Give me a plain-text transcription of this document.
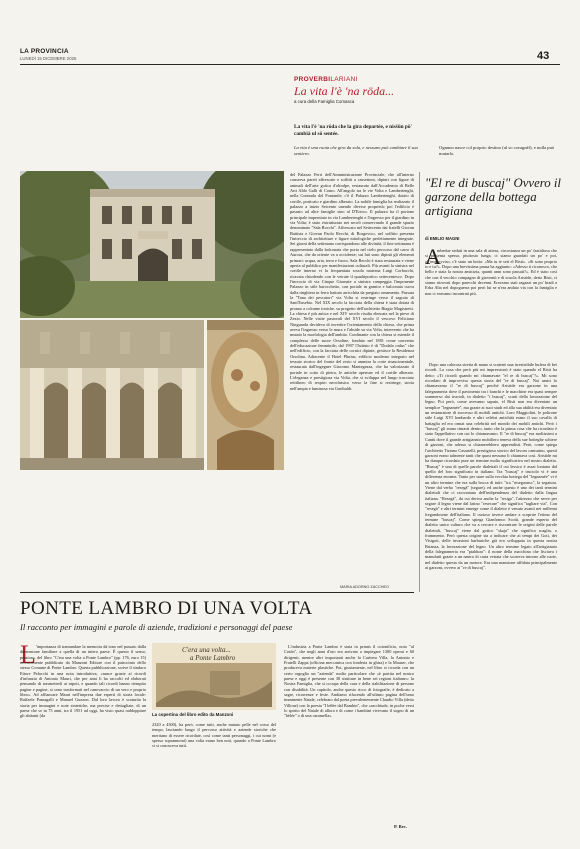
LA PROVINCIA
LUNEDÌ 15 DICEMBRE 2025	43
PROVERBILARIANI
La vita l'è 'na röda...
a cura della Famiglia Comasca
La vita l'è 'na röda che la gira departée, e nisšün pö' cambià ul sö sentée.
La vita è una ruota che gira da sola, e nessuno può cambiare il suo sentiero.
Ognuno nasce col proprio destino (ul so cavagnèl), e nulla può mutarlo.
del Palazzo Ferri dell'Amministrazione Provinciale, che all'interno conserva pareti affrescate e soffitti a cassettoni, dipinti con figure di animali dell'arte gotica d'oltralpe, restaurato dall'Accademia di Belle Arti Aldo Galli di Como. All'angolo tra le vie Volta e Lambertenghi, nella Contrada del Fontanile, c'è il Palazzo Lambertenghi, dotato di cortile, porticato e giardino alberato. La nobile famiglia ha realizzato il palazzo a inizio Seicento unendo diverse proprietà; poi l'edificio è passato ad altre famiglie sino al D'Errico. Il palazzo ha il portone principale imperniato in via Lambertenghi e l'ingresso per il giardino in via Volta; è stato ristrutturato nei secoli conservando il grande spazio denominato "Sala Rocchi". Affrescato nel Settecento dai fratelli Giovan Battista e Giovan Paolo Recchi, di Borgovico, nel soffitto presenta l'intreccio di architetture e figure mitologiche perfettamente integrate. Sei giorni della settimana corrispondono alle divinità, il fine settimana è rappresentato dalla balconata che porta nel cielo percorso dal carro di Aurora, che da oriente va a occidente; sui lati sono dipinti gli elementi primari: acqua, aria, terra e fuoco. Sala Recchi è stata restaurata e viene aperta al pubblico per manifestazioni culturali. Più avanti la sinistra nel cortile interno vi la frequentata scuola materna Luigi Corbacchi, ricavata chiudendo con le vetrate il quadriportico settecentesco. Dopo l'incrocio di via Cinque Giornate a sinistra campeggia l'imponente Palazzo in stile barocchetto, con portale in granito e balconata curva dalla ringhiera in ferro battuto arricchita da pregiato ornamento. Passata la "Tana dei pescatori" via Volta si restringe verso il sagrato di Sant'Eusebio. Nel XIX secolo la facciata della chiesa è stata dotata di pronao a colonne ioniche, su progetto dell'architetto Biagio Magistretti. La chiesa è più antica e nel XIV secolo risulta elencata nel la pieve di Zezio. Nelle visite pastorali del XVI secolo il vescovo Feliciano Ninguarda decideva di invertire l'orientamento della chiesa, che prima aveva l'ingresso verso le mura e l'abside su via Volta, intervento che ha mutato la morfologia dell'ambito. Confinante con la chiesa si estende il complesso delle suore Orsoline, fondato nel 1881 come convento dell'educazione femminile; dal 1997 l'Istituto è di "Dodalo onlus" che nell'edificio, con la facciata delle cornici dipinte, gestisce la Residenza Orsolina. Adiacente il Hotel Plinius, edificio moderno integrato nel tessuto storico del fronte del resto si ammira la corte rinascimentale, restaurata dall'ingegner Giacomo Mantegazza, che ha valorizzato il portale in cotto di pietra, le antiche aperture ed il cortile alberato. L'eleganza e prestigiosa via Volta, che si sviluppa nel lungo tracciato rettilineo di respiro neoclassico verso la fine si restringe, storia nell'ampia e luminosa via Garibaldi.
MARIA ADORNO ZACCHEO
"El re di buscaj" Ovvero il garzone della bottega artigiana
di EMILIO MAGNI
A
mbedue seduti in una sala di attesa, circostanza un po' fastidiosa che si presenta spesso, piuttosto lunga, ci siamo guardati un po' e poi, all'improvviso, c'è stato un botto: «Ma tu te sett el Risti». «Sì sono proprio io e tu?». Dopo una brevissima pausa ha aggiunto: «Adesso ti riconosco, che bello e stata la nostra amicizia, quanti anni sono passati?». Ed è stato così che con il vecchio compagno di gioventù e di scuola Aristide, detto Risti, ci siamo ritrovati dopo parecchi decenni. Eravamo stati ragazzi un po' bradi a Erba Alta nel dopoguerra poi però lui se n'era andato via con la famiglia e non ci eravamo incontrati più.
Dopo una calorosa stretta di mano si scatenò una irresistibile bufera di bei ricordi. La cosa che però più mi impressionò è stato quando el Risti ha detto: «Ti ricordi quando mi chiamavate "el re di buscaj"?». Mi sono ricordato di improvviso questa storia del "re di buscaj". Noi amici lo chiamavamo il "re di buscaj" perché Aristide era garzone in una falegnameria dove il pavimento tra i banchi e le macchine era quasi sempre sommerso dai trucioli, in dialetto "i buscaj", scarti della lavorazione del legno. Poi però, come avevamo saputo, el Risti non era diventato un semplice "legnamée", ma grazie ai suoi studi ed alla sua abilità era diventato un restauratore di successo di mobili antichi. Loro Maggiolini, le poltrone stile Luigi XVI lombardo e altri celebri antichità erano il suo cavallo di battaglia ed era ormai una celebrità nel mondo dei mobili antichi. Però i "buscaj" gli erano rimasti dentro, tanto che la prima cosa che ha ricordato è stato l'appellativo con cui lo chiamavamo. Il "re di buscaj" era moltissimi a Cantù dove il grande artigianato mobiliero teneva della sue botteghe schiere di garzoni, che adesso si chiamerebbero apprendisti. Però, come spiega l'architetto Tiziano Casartelli, prestigioso storico del lavoro canturino, questi garzoni erano talmente tanti che quasi nessuno li chiamava così. Aristide mi ha dunque ricordato pure un termine molto significativo nel nostro dialetto. "Buscaj" è una di quelle parole dialettali il cui lessico è assai lontano dal quello del loro significato in italiano. Tra "buscaj" e truciolo vi è una differenza enorme. Tanto per stare sulla vecchia bottega del "legnamée" vi è un altro termine che era sulla bocca di tutti: "tra "resegaonsc", la segatura. Viene dal verbo "resegà" (segare), ed anche questo è uno dei tanti termini dialettali che ci raccontano dell'indipendenza del dialetto dalla lingua italiana. "Resegà", da cui deriva anche la "resiga", l'attrezzo che serve per segare il legno viene dal latino "resecare" che significa "tagliare via". Con "resegà" e altri termini emerge come il dialetto è venuto avanti nei millenni fregandosene dell'italiano. Il curioso invece andare a scoprire l'etimo del termine "buscaj". Come spiega Gianfranco Scotti, grande esperto del dialetto unico culturo che va a cercare e riscontrare le origini delle parole dialettali, "buscaj" viene dal gotico "skaja" che significa scaglia, o frammento. Però questa origine sta a indicare che ai tempi dei Goti, dei Visigoti, delle invasioni barbariche già era sviluppata in questa nostra Brianza, la lavorazione del legno. Un altro termine legato all'artigianato della falegnameria era "pialdura": il nome della macchina che lisciava i manufatti grazie a un nastro di carta vetrata che scorreva intorno alle ruote, nel dialetto questo da un motore. Era una mansione affidata principalmente ai garzoni, ovvero ai "re di buscaj".
PONTE LAMBRO DI UNA VOLTA
Il racconto per immagini e parole di aziende, tradizioni e personaggi del paese
L 'importanza di tramandare la memoria dà tono nel passato dalla dimensione familiare a quella di un intero paese. È questo il senso, prezioso, del libro "C'era una volta a Ponte Lambro" (pp. 176, euro 15) recentemente pubblicato da Manzoni Editore con il patrocinio dello stesso Comune di Ponte Lambro. Questa pubblicazione, scrive il sindaco Ettore Pelacchi in una nota introduttiva, «nasce grazie ai ricordi d'infanzia di Antonio Mauri, che per anni li ha raccolti ed elaborati pensando di trasmetterli ai nipoti, e quando tali ricordi hanno riempito pagine e pagine, si sono trasformati nel canovaccio di un vero e proprio libro». Ad affiancare Mauri nell'impresa due esperti di storia locale: Raffaele Pamagalli e Manuel Guzzon. Dal loro lavoro è scaturita la storia per immagini e note sintetiche, ma precise e dettagliate, di un paese che se in 75 anni, tra il 1951 ad oggi, ha visto quasi raddoppiare gli abitanti (da
C'era una volta...
a Ponte Lambro
La copertina del libro edito da Manzoni
2320 a 4300), ha però, come tutti, anche mutato pelle nel corso del tempo, lasciando lungo il percorso attività e aziende storiche che meritano di essere ricordate, così come tanti personaggi, i cui nomi (e spesso soprannomi) una volta erano ben noti, quando a Ponte Lambro ci si conosceva tutti.
L'industria a Ponte Lambro è stata in primis il cotonificio, noto "al Cotón", che negli anni d'oro era arrivato a impiegare 1300 operai e 60 dirigenti, mentre altri importanti anche la Cartiera Villa, la Antonio e Fratelli Zappa (officina meccanica con fonderia in ghisa) e la Mauser, che produceva materie plastiche. Poi, giustamente, nel libro si ricorda con un certo orgoglio un "azienda" molto particolare che «è partita nel nostro paese e oggi è presente con 38 strutture in bene sei regioni italiane»: la Nostra Famiglia, che si occupa della cura e della riabilitazione di persone con disabilità. Un capitolo, anche questo ricco di fotografie, è dedicato a sagre, ricorrenze e feste. Andiamo rifacendo all'ultimo pagina dell'umo imminente Natale, celebrato dal poeta prevalentemente Claudio Villa (detto Villone) con la poesia "I bèlée dal Bambin", che «racchiude, in poche versi lo spirito del Natale di allora e di come i bambini vivevano il sogno di un "bèlée" o di una caramella».
P. Bec.
